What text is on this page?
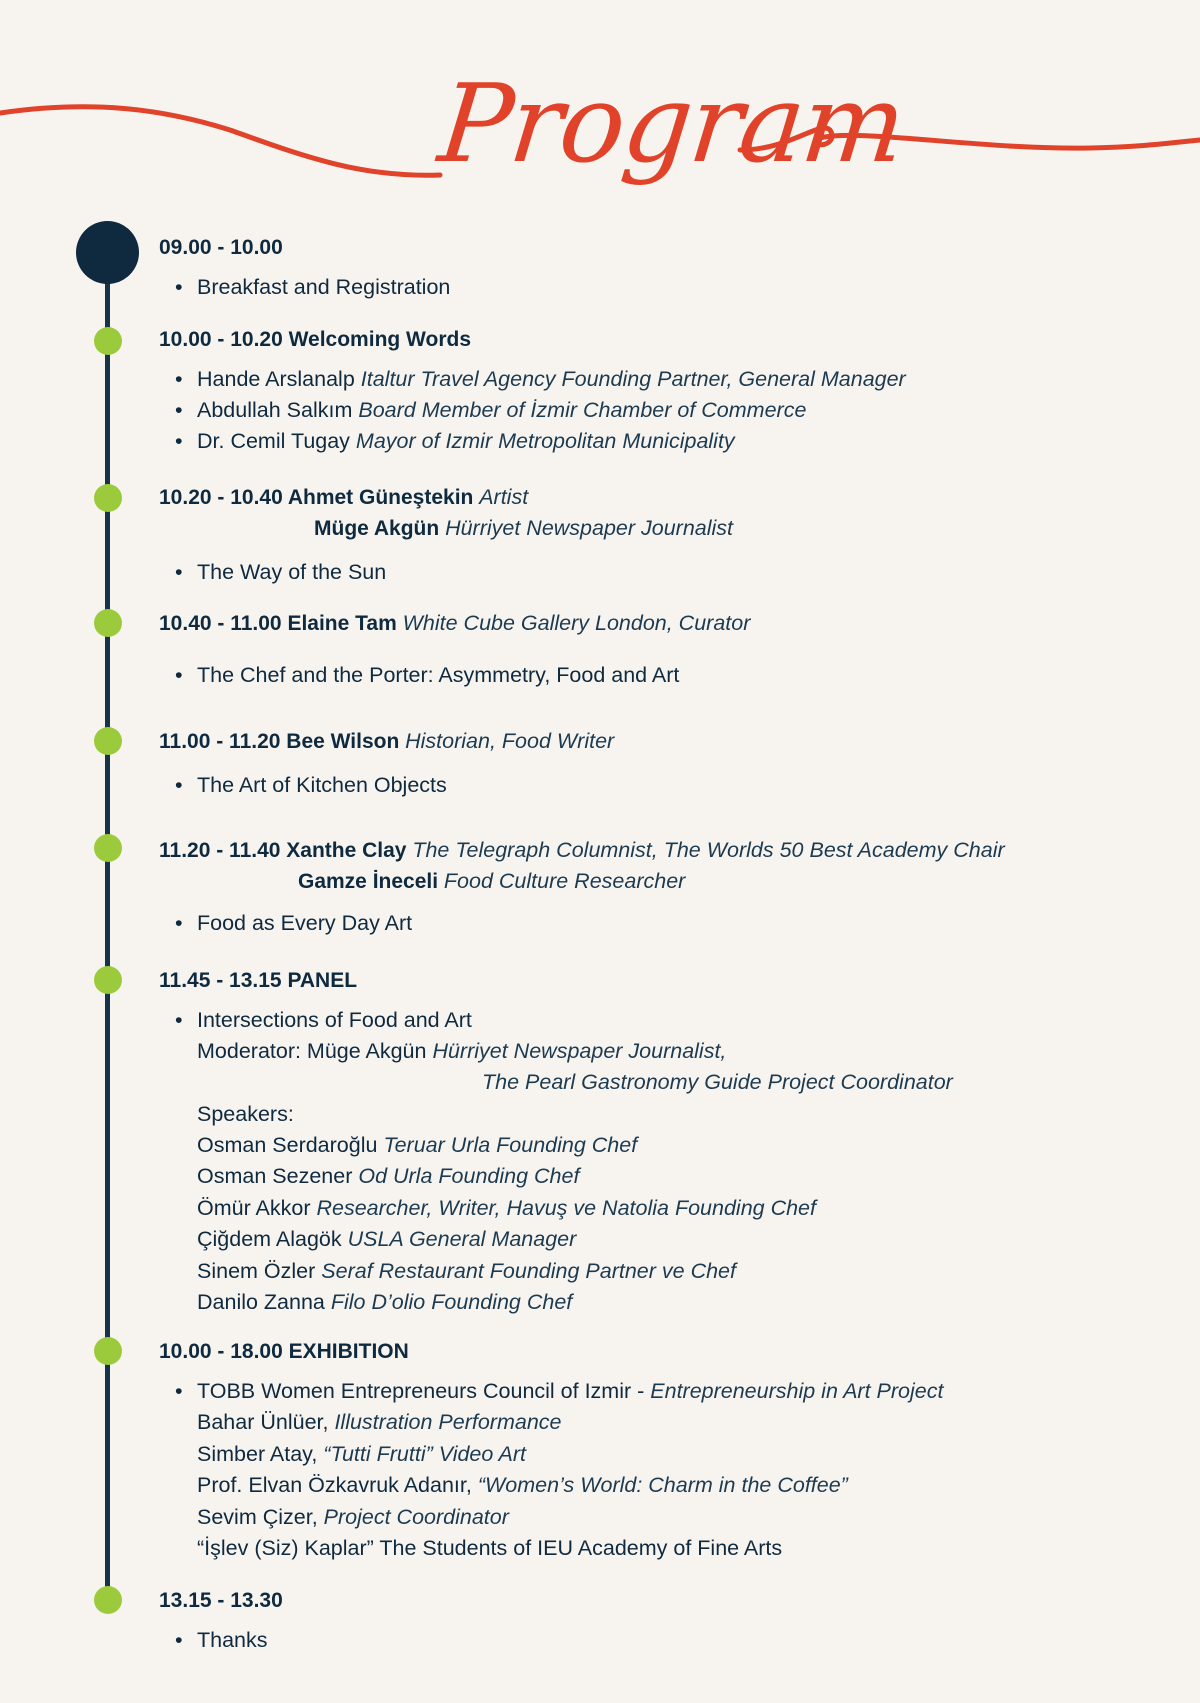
Program
09.00 - 10.00
• Breakfast and Registration
10.00 - 10.20 Welcoming Words
• Hande Arslanalp Italtur Travel Agency Founding Partner, General Manager
• Abdullah Salkım Board Member of İzmir Chamber of Commerce
• Dr. Cemil Tugay Mayor of Izmir Metropolitan Municipality
10.20 - 10.40 Ahmet Güneştekin Artist
Müge Akgün Hürriyet Newspaper Journalist
• The Way of the Sun
10.40 - 11.00 Elaine Tam White Cube Gallery London, Curator
• The Chef and the Porter: Asymmetry, Food and Art
11.00 - 11.20 Bee Wilson Historian, Food Writer
• The Art of Kitchen Objects
11.20 - 11.40 Xanthe Clay The Telegraph Columnist, The Worlds 50 Best Academy Chair
Gamze İneceli Food Culture Researcher
• Food as Every Day Art
11.45 - 13.15 PANEL
• Intersections of Food and Art
Moderator: Müge Akgün Hürriyet Newspaper Journalist,
The Pearl Gastronomy Guide Project Coordinator
Speakers:
Osman Serdaroğlu Teruar Urla Founding Chef
Osman Sezener Od Urla Founding Chef
Ömür Akkor Researcher, Writer, Havuş ve Natolia Founding Chef
Çiğdem Alagök USLA General Manager
Sinem Özler Seraf Restaurant Founding Partner ve Chef
Danilo Zanna Filo D’olio Founding Chef
10.00 - 18.00 EXHIBITION
• TOBB Women Entrepreneurs Council of Izmir - Entrepreneurship in Art Project
Bahar Ünlüer, Illustration Performance
Simber Atay, “Tutti Frutti” Video Art
Prof. Elvan Özkavruk Adanır, “Women’s World: Charm in the Coffee”
Sevim Çizer, Project Coordinator
“İşlev (Siz) Kaplar” The Students of IEU Academy of Fine Arts
13.15 - 13.30
• Thanks
